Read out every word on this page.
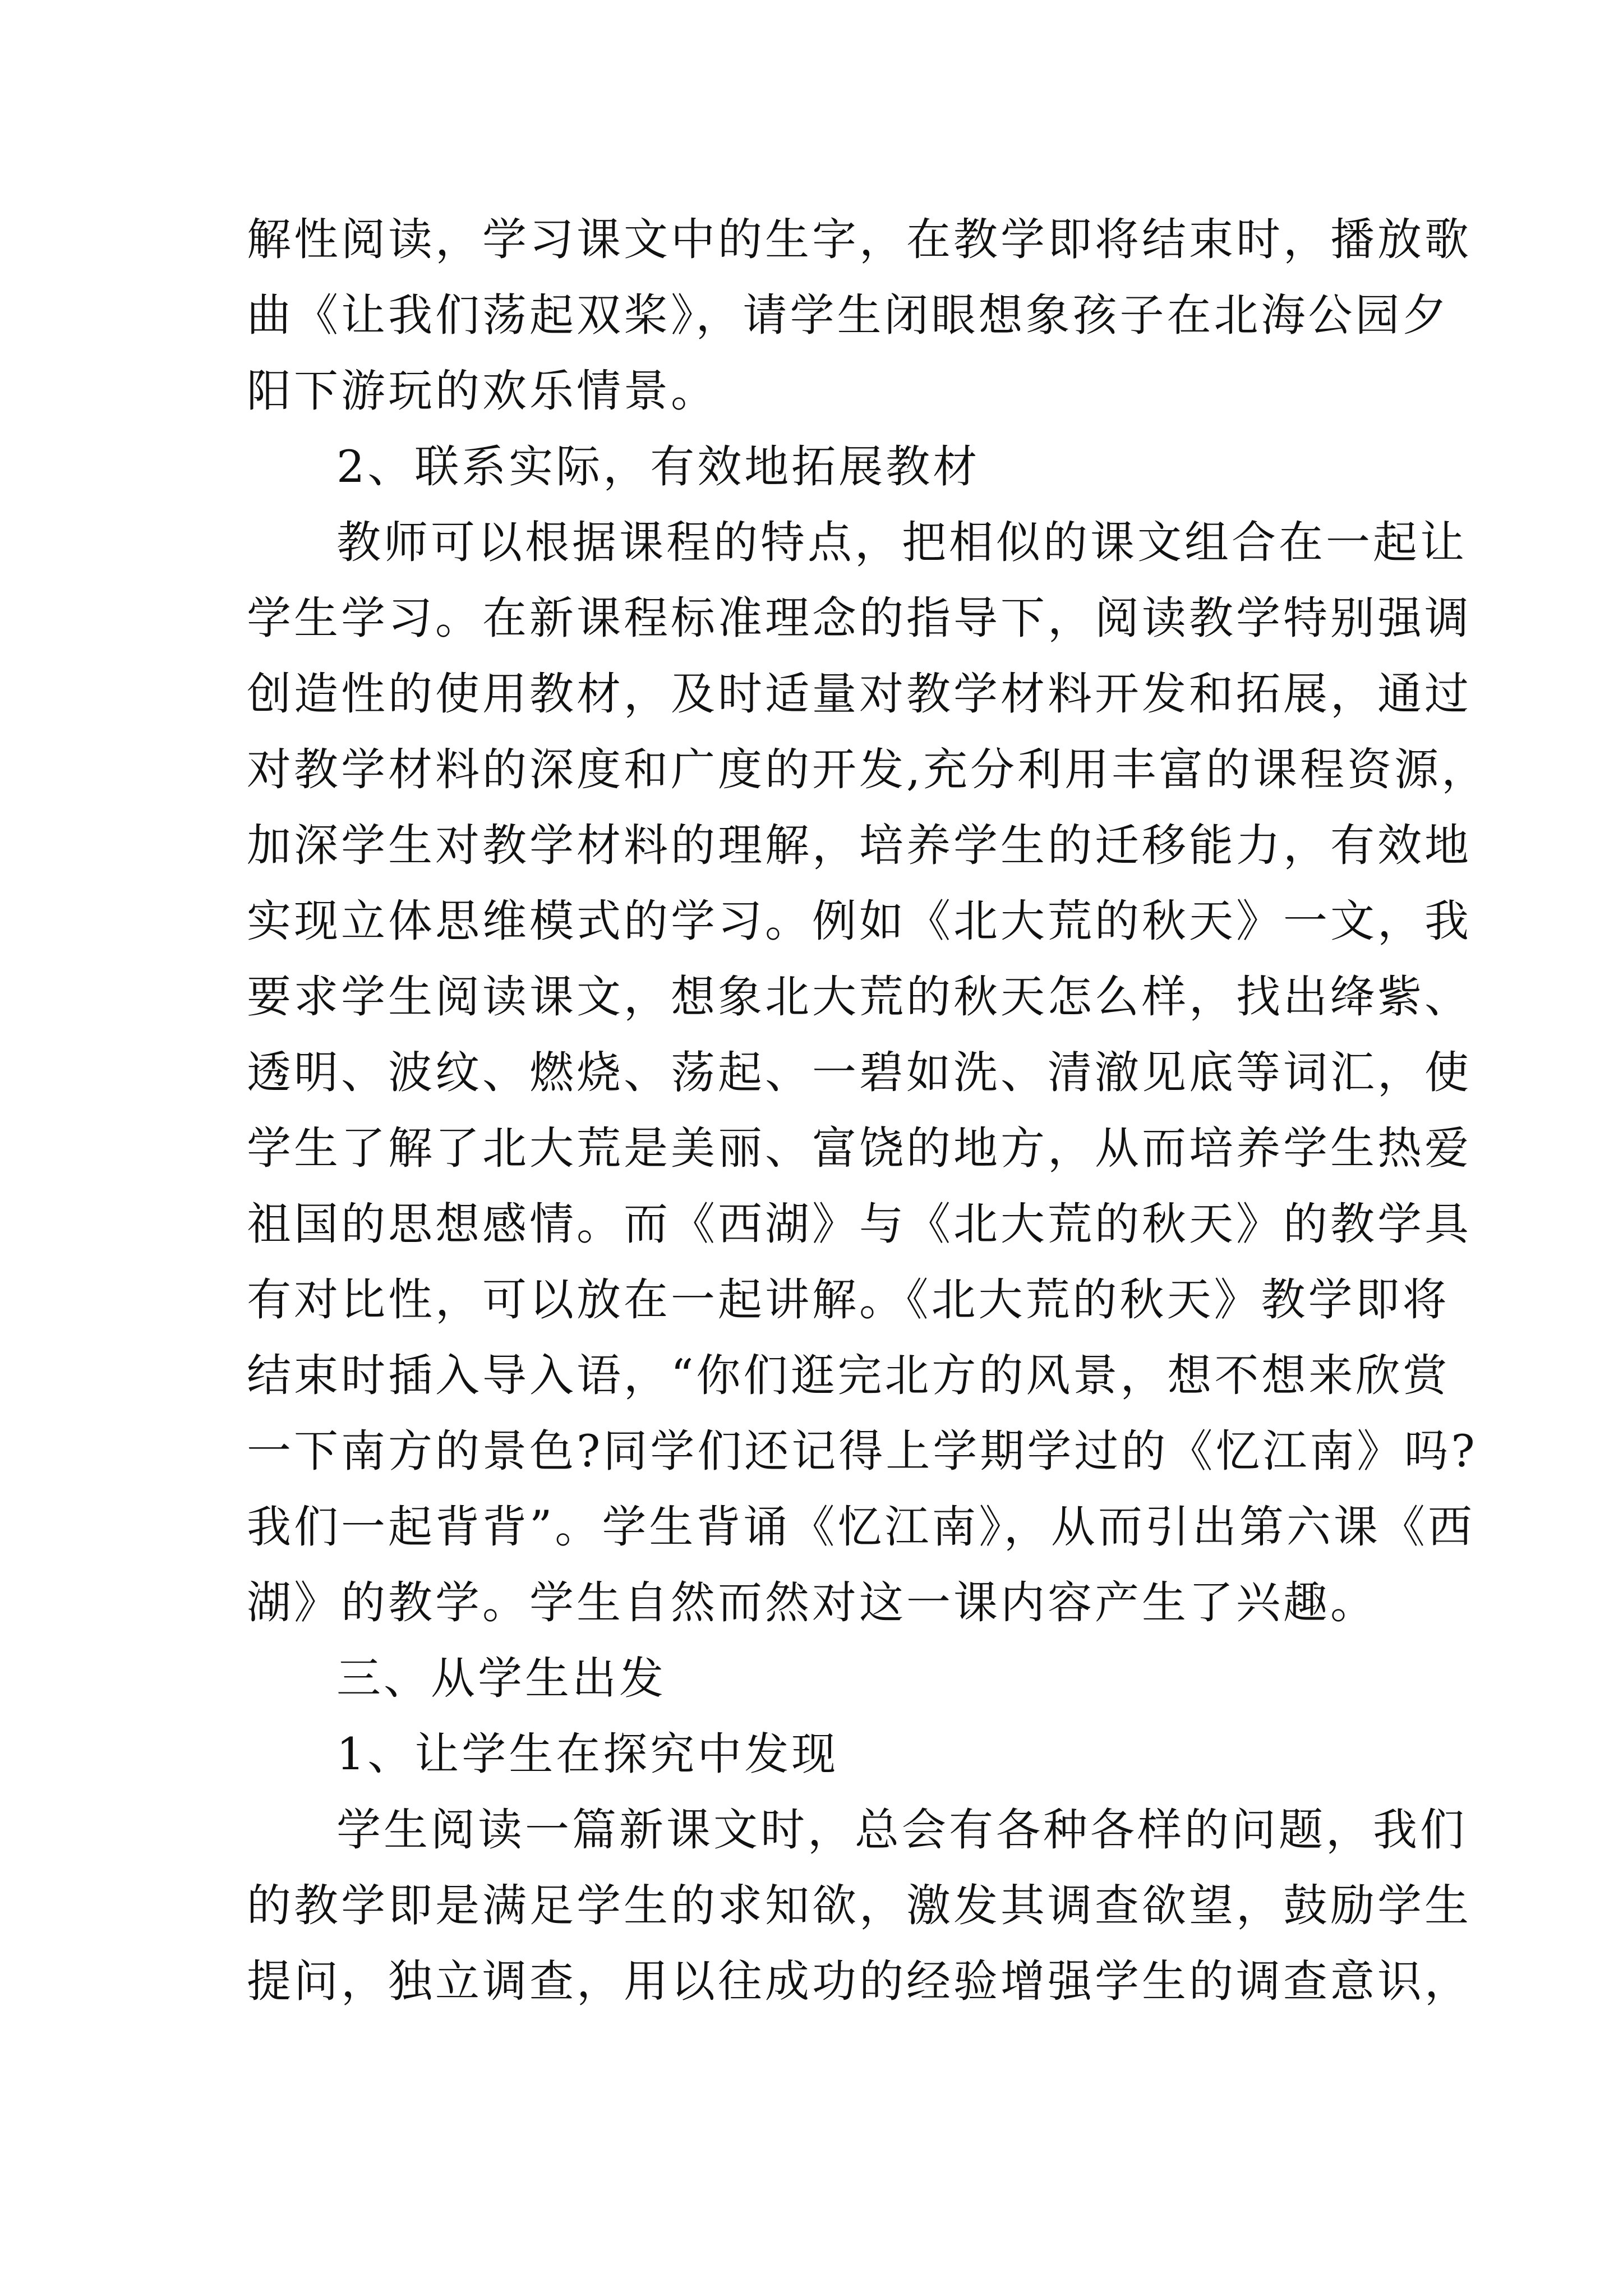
解性阅读，学习课文中的生字，在教学即将结束时，播放歌
曲《让我们荡起双桨》，请学生闭眼想象孩子在北海公园夕
阳下游玩的欢乐情景。
2、联系实际，有效地拓展教材
教师可以根据课程的特点，把相似的课文组合在一起让
学生学习。在新课程标准理念的指导下，阅读教学特别强调
创造性的使用教材，及时适量对教学材料开发和拓展，通过
对教学材料的深度和广度的开发,充分利用丰富的课程资源，
加深学生对教学材料的理解，培养学生的迁移能力，有效地
实现立体思维模式的学习。例如《北大荒的秋天》一文，我
要求学生阅读课文，想象北大荒的秋天怎么样，找出绛紫、
透明、波纹、燃烧、荡起、一碧如洗、清澈见底等词汇，使
学生了解了北大荒是美丽、富饶的地方，从而培养学生热爱
祖国的思想感情。而《西湖》与《北大荒的秋天》的教学具
有对比性，可以放在一起讲解。《北大荒的秋天》教学即将
结束时插入导入语，“你们逛完北方的风景，想不想来欣赏
一下南方的景色?同学们还记得上学期学过的《忆江南》吗?
我们一起背背”。学生背诵《忆江南》，从而引出第六课《西
湖》的教学。学生自然而然对这一课内容产生了兴趣。
三、从学生出发
1、让学生在探究中发现
学生阅读一篇新课文时，总会有各种各样的问题，我们
的教学即是满足学生的求知欲，激发其调查欲望，鼓励学生
提问，独立调查，用以往成功的经验增强学生的调查意识，
